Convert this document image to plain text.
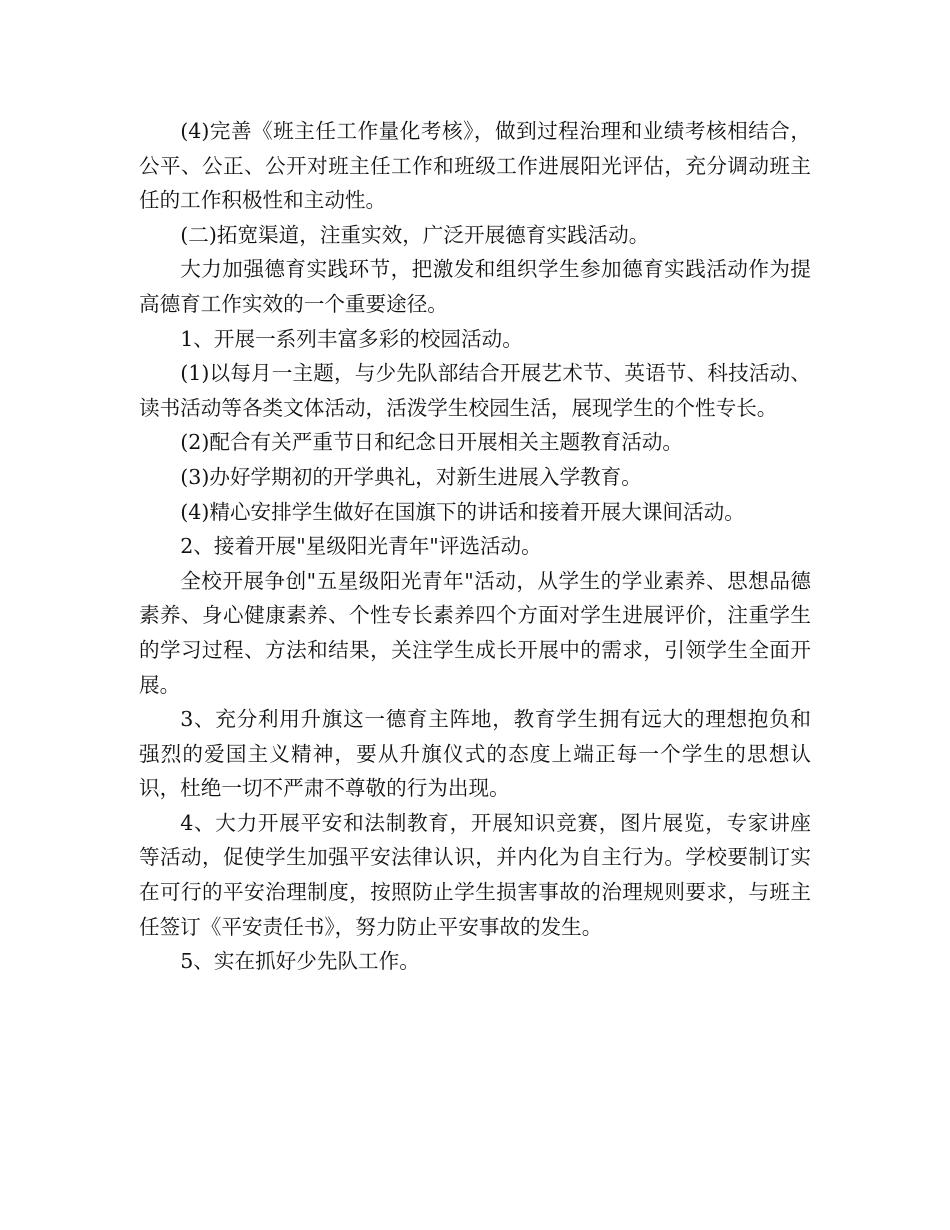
(4)完善《班主任工作量化考核》，做到过程治理和业绩考核相结合，公平、公正、公开对班主任工作和班级工作进展阳光评估，充分调动班主任的工作积极性和主动性。

(二)拓宽渠道，注重实效，广泛开展德育实践活动。

大力加强德育实践环节，把激发和组织学生参加德育实践活动作为提高德育工作实效的一个重要途径。

1、开展一系列丰富多彩的校园活动。

(1)以每月一主题，与少先队部结合开展艺术节、英语节、科技活动、读书活动等各类文体活动，活泼学生校园生活，展现学生的个性专长。

(2)配合有关严重节日和纪念日开展相关主题教育活动。

(3)办好学期初的开学典礼，对新生进展入学教育。

(4)精心安排学生做好在国旗下的讲话和接着开展大课间活动。

2、接着开展"星级阳光青年"评选活动。

全校开展争创"五星级阳光青年"活动，从学生的学业素养、思想品德素养、身心健康素养、个性专长素养四个方面对学生进展评价，注重学生的学习过程、方法和结果，关注学生成长开展中的需求，引领学生全面开展。

3、充分利用升旗这一德育主阵地，教育学生拥有远大的理想抱负和强烈的爱国主义精神，要从升旗仪式的态度上端正每一个学生的思想认识，杜绝一切不严肃不尊敬的行为出现。

4、大力开展平安和法制教育，开展知识竞赛，图片展览，专家讲座等活动，促使学生加强平安法律认识，并内化为自主行为。学校要制订实在可行的平安治理制度，按照防止学生损害事故的治理规则要求，与班主任签订《平安责任书》，努力防止平安事故的发生。

5、实在抓好少先队工作。
